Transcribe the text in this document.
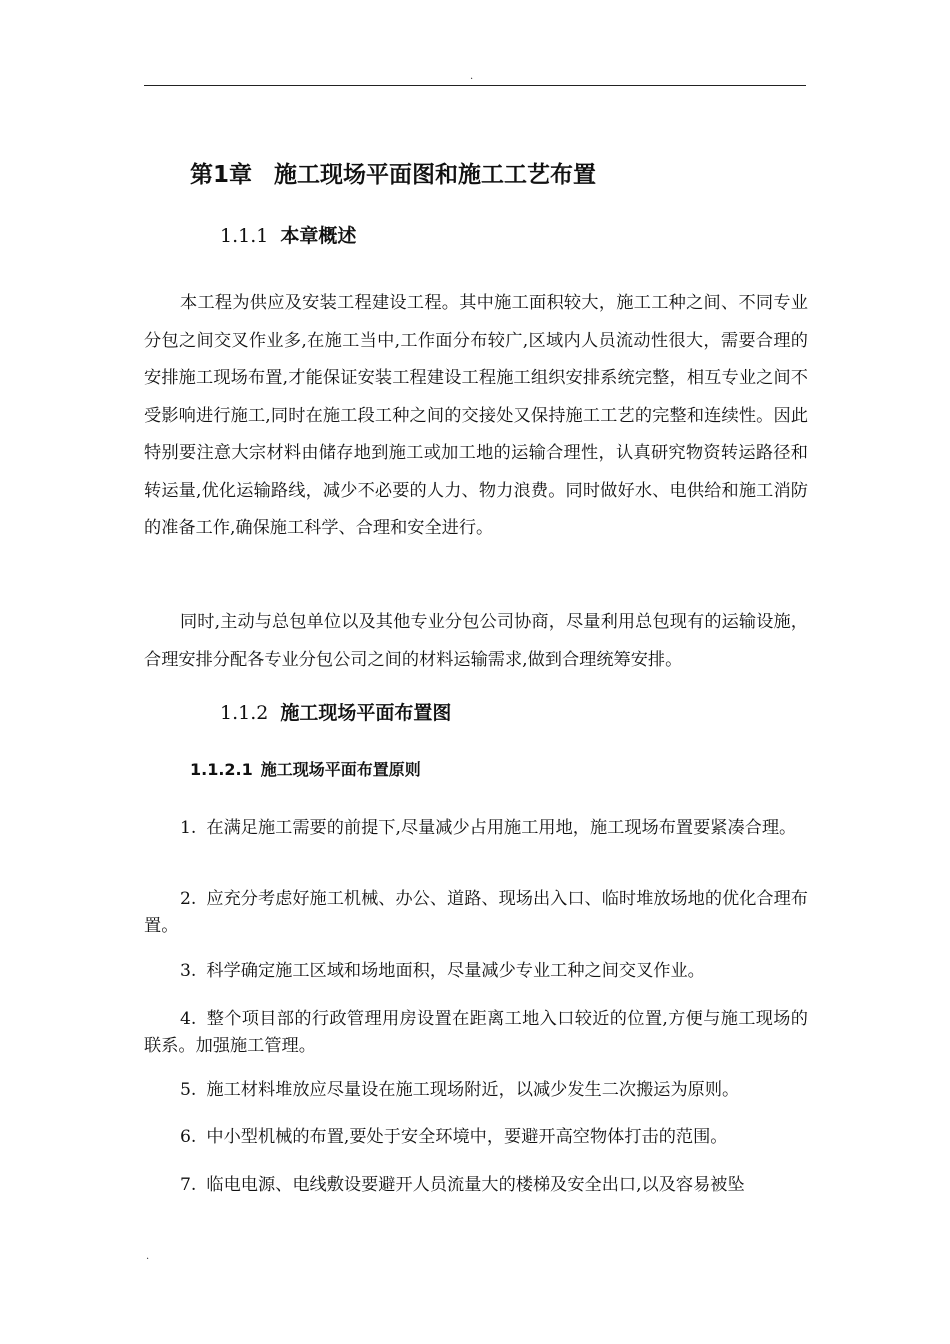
.
第1章 施工现场平面图和施工工艺布置
1.1.1 本章概述

本工程为供应及安装工程建设工程。其中施工面积较大，施工工种之间、不同专业分包之间交叉作业多,在施工当中,工作面分布较广,区域内人员流动性很大，需要合理的安排施工现场布置,才能保证安装工程建设工程施工组织安排系统完整，相互专业之间不受影响进行施工,同时在施工段工种之间的交接处又保持施工工艺的完整和连续性。因此特别要注意大宗材料由储存地到施工或加工地的运输合理性，认真研究物资转运路径和转运量,优化运输路线，减少不必要的人力、物力浪费。同时做好水、电供给和施工消防的准备工作,确保施工科学、合理和安全进行。

同时,主动与总包单位以及其他专业分包公司协商，尽量利用总包现有的运输设施，合理安排分配各专业分包公司之间的材料运输需求,做到合理统筹安排。

1.1.2 施工现场平面布置图
1.1.2.1 施工现场平面布置原则

1. 在满足施工需要的前提下,尽量减少占用施工用地，施工现场布置要紧凑合理。

2. 应充分考虑好施工机械、办公、道路、现场出入口、临时堆放场地的优化合理布置。

3. 科学确定施工区域和场地面积，尽量减少专业工种之间交叉作业。

4. 整个项目部的行政管理用房设置在距离工地入口较近的位置,方便与施工现场的联系。加强施工管理。

5. 施工材料堆放应尽量设在施工现场附近，以减少发生二次搬运为原则。

6. 中小型机械的布置,要处于安全环境中，要避开高空物体打击的范围。

7. 临电电源、电线敷设要避开人员流量大的楼梯及安全出口,以及容易被坠

.
